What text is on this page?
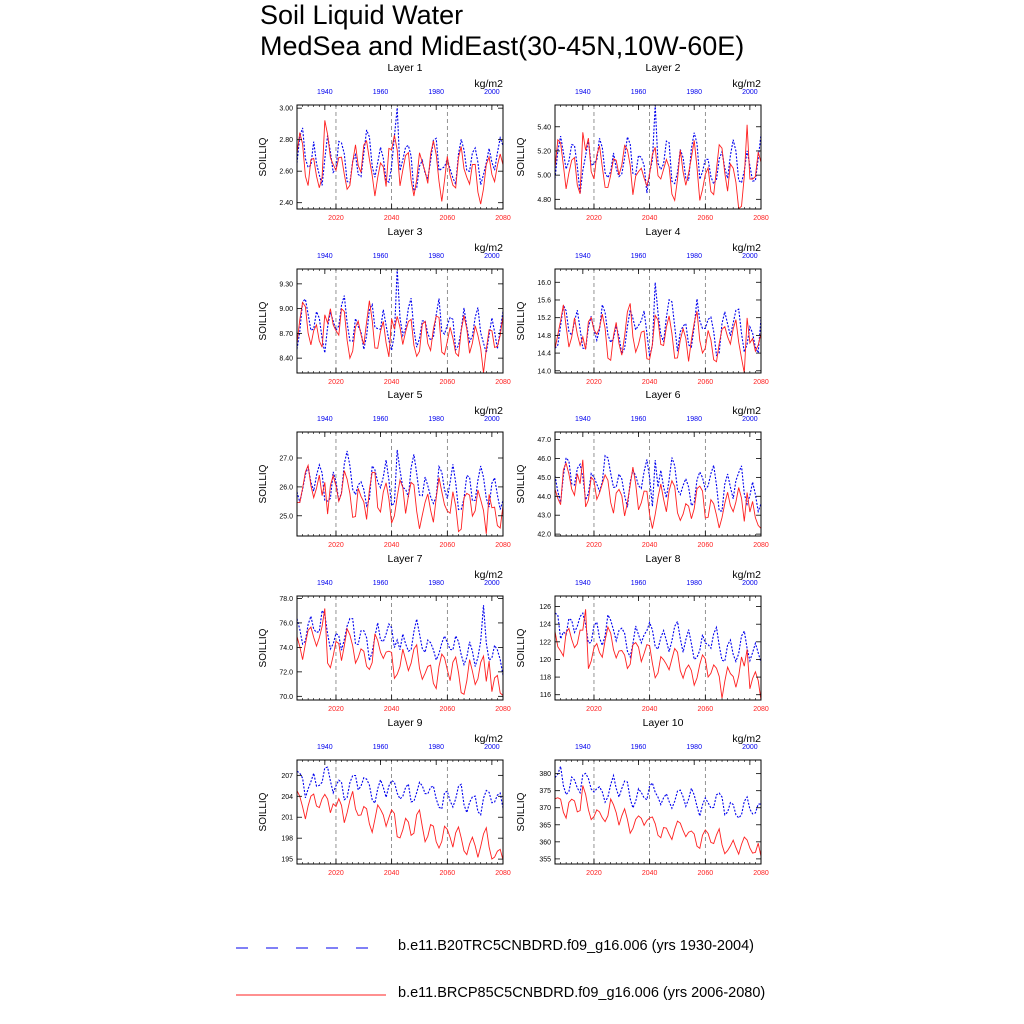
Soil Liquid Water
MedSea and MidEast(30-45N,10W-60E)
Layer 1
kg/m2
SOILLIQ
2020	2040	2060	2080
1940	1960	1980	2000
2.40
2.60
2.80
3.00
Layer 2
kg/m2
SOILLIQ
2020	2040	2060	2080
1940	1960	1980	2000
4.80
5.00
5.20
5.40
Layer 3
kg/m2
SOILLIQ
2020	2040	2060	2080
1940	1960	1980	2000
8.40
8.70
9.00
9.30
Layer 4
kg/m2
SOILLIQ
2020	2040	2060	2080
1940	1960	1980	2000
14.0
14.4
14.8
15.2
15.6
16.0
Layer 5
kg/m2
SOILLIQ
2020	2040	2060	2080
1940	1960	1980	2000
25.0
26.0
27.0
Layer 6
kg/m2
SOILLIQ
2020	2040	2060	2080
1940	1960	1980	2000
42.0
43.0
44.0
45.0
46.0
47.0
Layer 7
kg/m2
SOILLIQ
2020	2040	2060	2080
1940	1960	1980	2000
70.0
72.0
74.0
76.0
78.0
Layer 8
kg/m2
SOILLIQ
2020	2040	2060	2080
1940	1960	1980	2000
116
118
120
122
124
126
Layer 9
kg/m2
SOILLIQ
2020	2040	2060	2080
1940	1960	1980	2000
195
198
201
204
207
Layer 10
kg/m2
SOILLIQ
2020	2040	2060	2080
1940	1960	1980	2000
355
360
365
370
375
380
b.e11.B20TRC5CNBDRD.f09_g16.006 (yrs 1930-2004)
b.e11.BRCP85C5CNBDRD.f09_g16.006 (yrs 2006-2080)
